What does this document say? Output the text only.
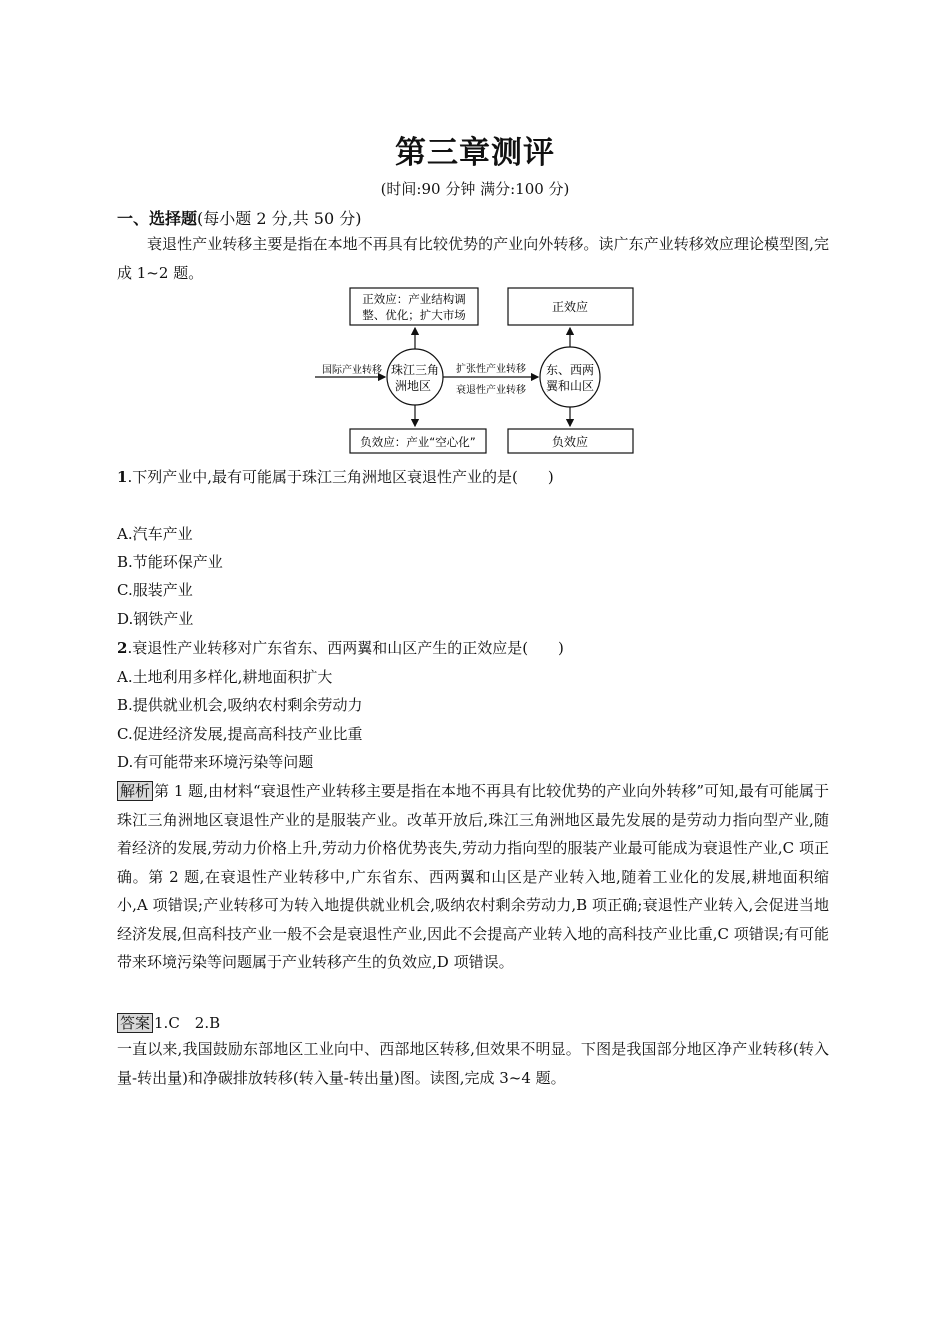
第三章测评
(时间:90 分钟 满分:100 分)
一、选择题(每小题 2 分,共 50 分)
衰退性产业转移主要是指在本地不再具有比较优势的产业向外转移。读广东产业转移效应理论模型图,完成 1~2 题。
正效应：产业结构调
整、优化；扩大市场
正效应
负效应：产业“空心化”	负效应
珠江三角
洲地区
东、西两
翼和山区
国际产业转移	扩张性产业转移
衰退性产业转移
1.下列产业中,最有可能属于珠江三角洲地区衰退性产业的是(　　)
A.汽车产业
B.节能环保产业
C.服装产业
D.钢铁产业
2.衰退性产业转移对广东省东、西两翼和山区产生的正效应是(　　)
A.土地利用多样化,耕地面积扩大
B.提供就业机会,吸纳农村剩余劳动力
C.促进经济发展,提高高科技产业比重
D.有可能带来环境污染等问题
解析 第 1 题,由材料“衰退性产业转移主要是指在本地不再具有比较优势的产业向外转移”可知,最有可能属于珠江三角洲地区衰退性产业的是服装产业。改革开放后,珠江三角洲地区最先发展的是劳动力指向型产业,随着经济的发展,劳动力价格上升,劳动力价格优势丧失,劳动力指向型的服装产业最可能成为衰退性产业,C 项正确。第 2 题,在衰退性产业转移中,广东省东、西两翼和山区是产业转入地,随着工业化的发展,耕地面积缩小,A 项错误;产业转移可为转入地提供就业机会,吸纳农村剩余劳动力,B 项正确;衰退性产业转入,会促进当地经济发展,但高科技产业一般不会是衰退性产业,因此不会提高产业转入地的高科技产业比重,C 项错误;有可能带来环境污染等问题属于产业转移产生的负效应,D 项错误。
答案 1.C　2.B
一直以来,我国鼓励东部地区工业向中、西部地区转移,但效果不明显。下图是我国部分地区净产业转移(转入量-转出量)和净碳排放转移(转入量-转出量)图。读图,完成 3~4 题。
